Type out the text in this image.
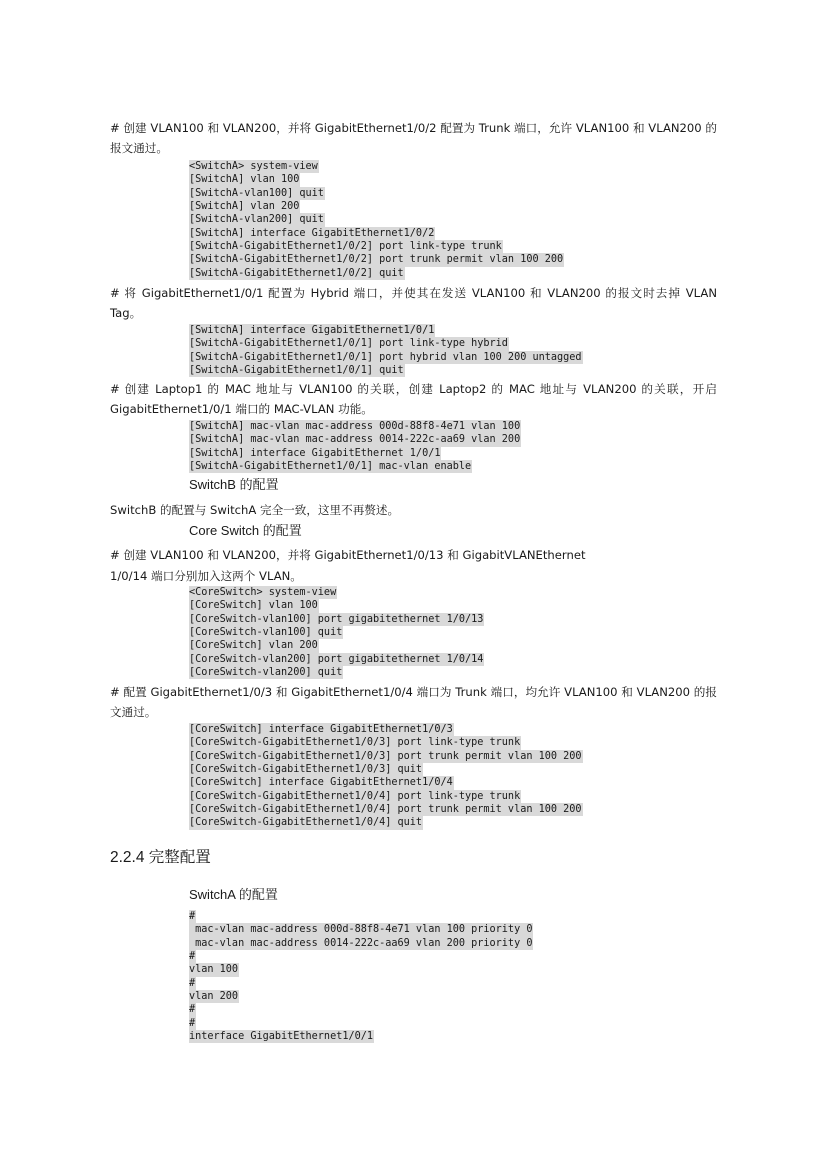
# 创建 VLAN100 和 VLAN200，并将 GigabitEthernet1/0/2 配置为 Trunk 端口，允许 VLAN100 和 VLAN200 的报文通过。

<SwitchA> system-view
[SwitchA] vlan 100
[SwitchA-vlan100] quit
[SwitchA] vlan 200
[SwitchA-vlan200] quit
[SwitchA] interface GigabitEthernet1/0/2
[SwitchA-GigabitEthernet1/0/2] port link-type trunk
[SwitchA-GigabitEthernet1/0/2] port trunk permit vlan 100 200
[SwitchA-GigabitEthernet1/0/2] quit

# 将 GigabitEthernet1/0/1 配置为 Hybrid 端口，并使其在发送 VLAN100 和 VLAN200 的报文时去掉 VLAN Tag。

[SwitchA] interface GigabitEthernet1/0/1
[SwitchA-GigabitEthernet1/0/1] port link-type hybrid
[SwitchA-GigabitEthernet1/0/1] port hybrid vlan 100 200 untagged
[SwitchA-GigabitEthernet1/0/1] quit

# 创建 Laptop1 的 MAC 地址与 VLAN100 的关联，创建 Laptop2 的 MAC 地址与 VLAN200 的关联，开启 GigabitEthernet1/0/1 端口的 MAC-VLAN 功能。

[SwitchA] mac-vlan mac-address 000d-88f8-4e71 vlan 100
[SwitchA] mac-vlan mac-address 0014-222c-aa69 vlan 200
[SwitchA] interface GigabitEthernet 1/0/1
[SwitchA-GigabitEthernet1/0/1] mac-vlan enable

SwitchB 的配置

SwitchB 的配置与 SwitchA 完全一致，这里不再赘述。

Core Switch 的配置

# 创建 VLAN100 和 VLAN200，并将 GigabitEthernet1/0/13 和 GigabitVLANEthernet

1/0/14 端口分别加入这两个 VLAN。

<CoreSwitch> system-view
[CoreSwitch] vlan 100
[CoreSwitch-vlan100] port gigabitethernet 1/0/13
[CoreSwitch-vlan100] quit
[CoreSwitch] vlan 200
[CoreSwitch-vlan200] port gigabitethernet 1/0/14
[CoreSwitch-vlan200] quit

# 配置 GigabitEthernet1/0/3 和 GigabitEthernet1/0/4 端口为 Trunk 端口，均允许 VLAN100 和 VLAN200 的报文通过。

[CoreSwitch] interface GigabitEthernet1/0/3
[CoreSwitch-GigabitEthernet1/0/3] port link-type trunk
[CoreSwitch-GigabitEthernet1/0/3] port trunk permit vlan 100 200
[CoreSwitch-GigabitEthernet1/0/3] quit
[CoreSwitch] interface GigabitEthernet1/0/4
[CoreSwitch-GigabitEthernet1/0/4] port link-type trunk
[CoreSwitch-GigabitEthernet1/0/4] port trunk permit vlan 100 200
[CoreSwitch-GigabitEthernet1/0/4] quit
2.2.4 完整配置

SwitchA 的配置

#
mac-vlan mac-address 000d-88f8-4e71 vlan 100 priority 0
mac-vlan mac-address 0014-222c-aa69 vlan 200 priority 0
#
vlan 100
#
vlan 200
#
#
interface GigabitEthernet1/0/1
